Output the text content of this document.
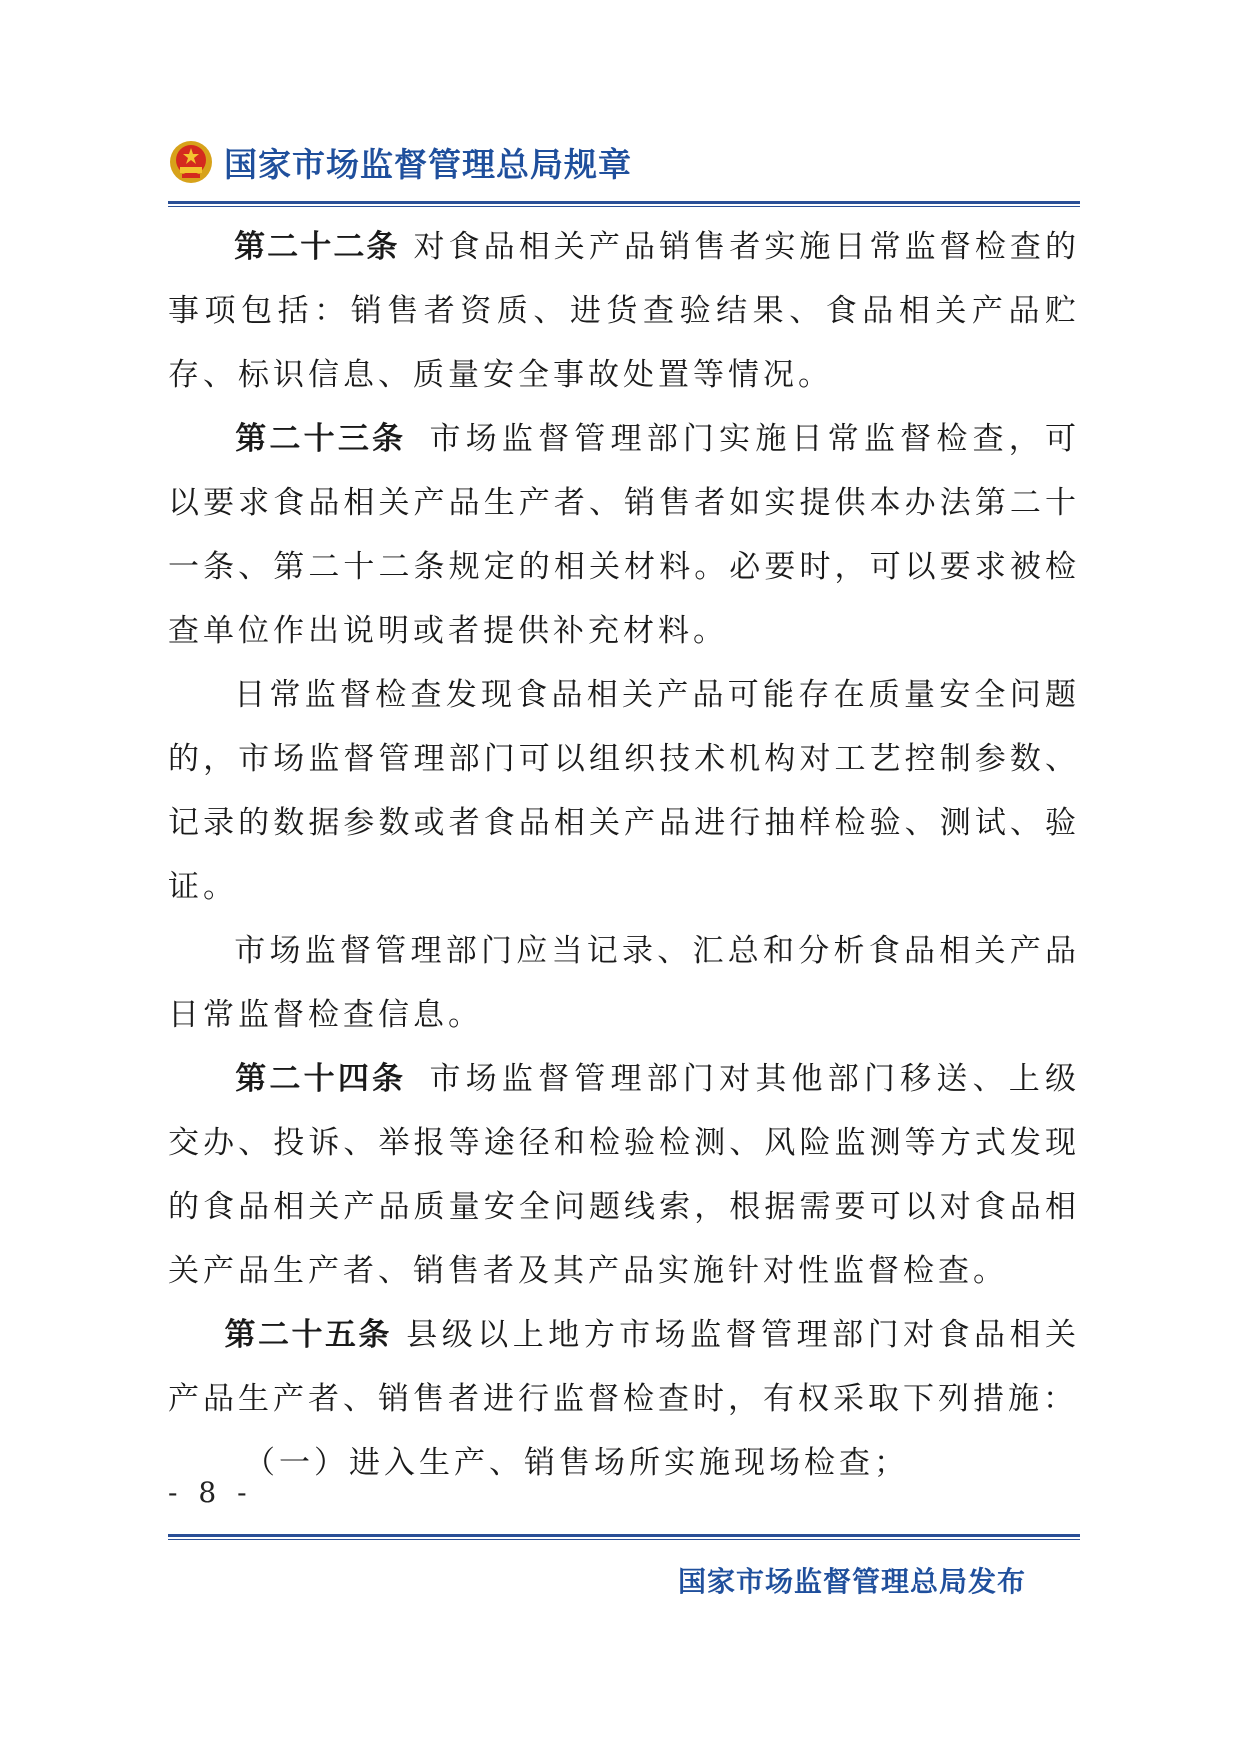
国家市场监督管理总局规章

第二十二条 对食品相关产品销售者实施日常监督检查的事项包括：销售者资质、进货查验结果、食品相关产品贮存、标识信息、质量安全事故处置等情况。

第二十三条 市场监督管理部门实施日常监督检查，可以要求食品相关产品生产者、销售者如实提供本办法第二十一条、第二十二条规定的相关材料。必要时，可以要求被检查单位作出说明或者提供补充材料。

日常监督检查发现食品相关产品可能存在质量安全问题的，市场监督管理部门可以组织技术机构对工艺控制参数、记录的数据参数或者食品相关产品进行抽样检验、测试、验证。

市场监督管理部门应当记录、汇总和分析食品相关产品日常监督检查信息。

第二十四条 市场监督管理部门对其他部门移送、上级交办、投诉、举报等途径和检验检测、风险监测等方式发现的食品相关产品质量安全问题线索，根据需要可以对食品相关产品生产者、销售者及其产品实施针对性监督检查。

第二十五条 县级以上地方市场监督管理部门对食品相关产品生产者、销售者进行监督检查时，有权采取下列措施：

（一）进入生产、销售场所实施现场检查；

- 8 -
国家市场监督管理总局发布
